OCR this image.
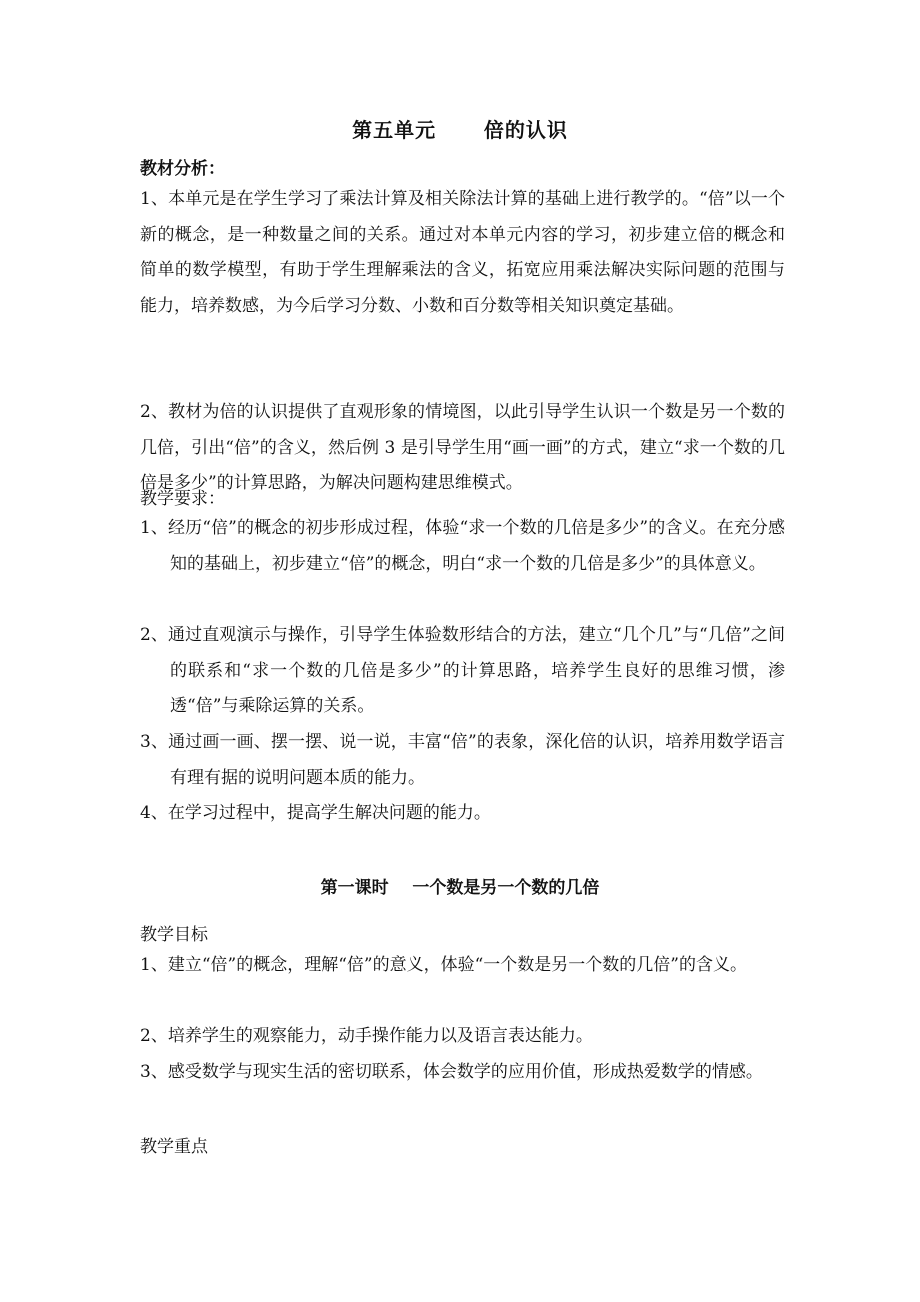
第五单元      倍的认识
教材分析：
1、本单元是在学生学习了乘法计算及相关除法计算的基础上进行教学的。“倍”以一个新的概念，是一种数量之间的关系。通过对本单元内容的学习，初步建立倍的概念和简单的数学模型，有助于学生理解乘法的含义，拓宽应用乘法解决实际问题的范围与能力，培养数感，为今后学习分数、小数和百分数等相关知识奠定基础。
2、教材为倍的认识提供了直观形象的情境图，以此引导学生认识一个数是另一个数的几倍，引出“倍”的含义，然后例 3 是引导学生用“画一画”的方式，建立“求一个数的几倍是多少”的计算思路，为解决问题构建思维模式。
教学要求：
1、经历“倍”的概念的初步形成过程，体验“求一个数的几倍是多少”的含义。在充分感知的基础上，初步建立“倍”的概念，明白“求一个数的几倍是多少”的具体意义。
2、通过直观演示与操作，引导学生体验数形结合的方法，建立“几个几”与“几倍”之间的联系和“求一个数的几倍是多少”的计算思路，培养学生良好的思维习惯，渗透“倍”与乘除运算的关系。
3、通过画一画、摆一摆、说一说，丰富“倍”的表象，深化倍的认识，培养用数学语言有理有据的说明问题本质的能力。
4、在学习过程中，提高学生解决问题的能力。
第一课时    一个数是另一个数的几倍
教学目标
1、建立“倍”的概念，理解“倍”的意义，体验“一个数是另一个数的几倍”的含义。
2、培养学生的观察能力，动手操作能力以及语言表达能力。
3、感受数学与现实生活的密切联系，体会数学的应用价值，形成热爱数学的情感。
教学重点
